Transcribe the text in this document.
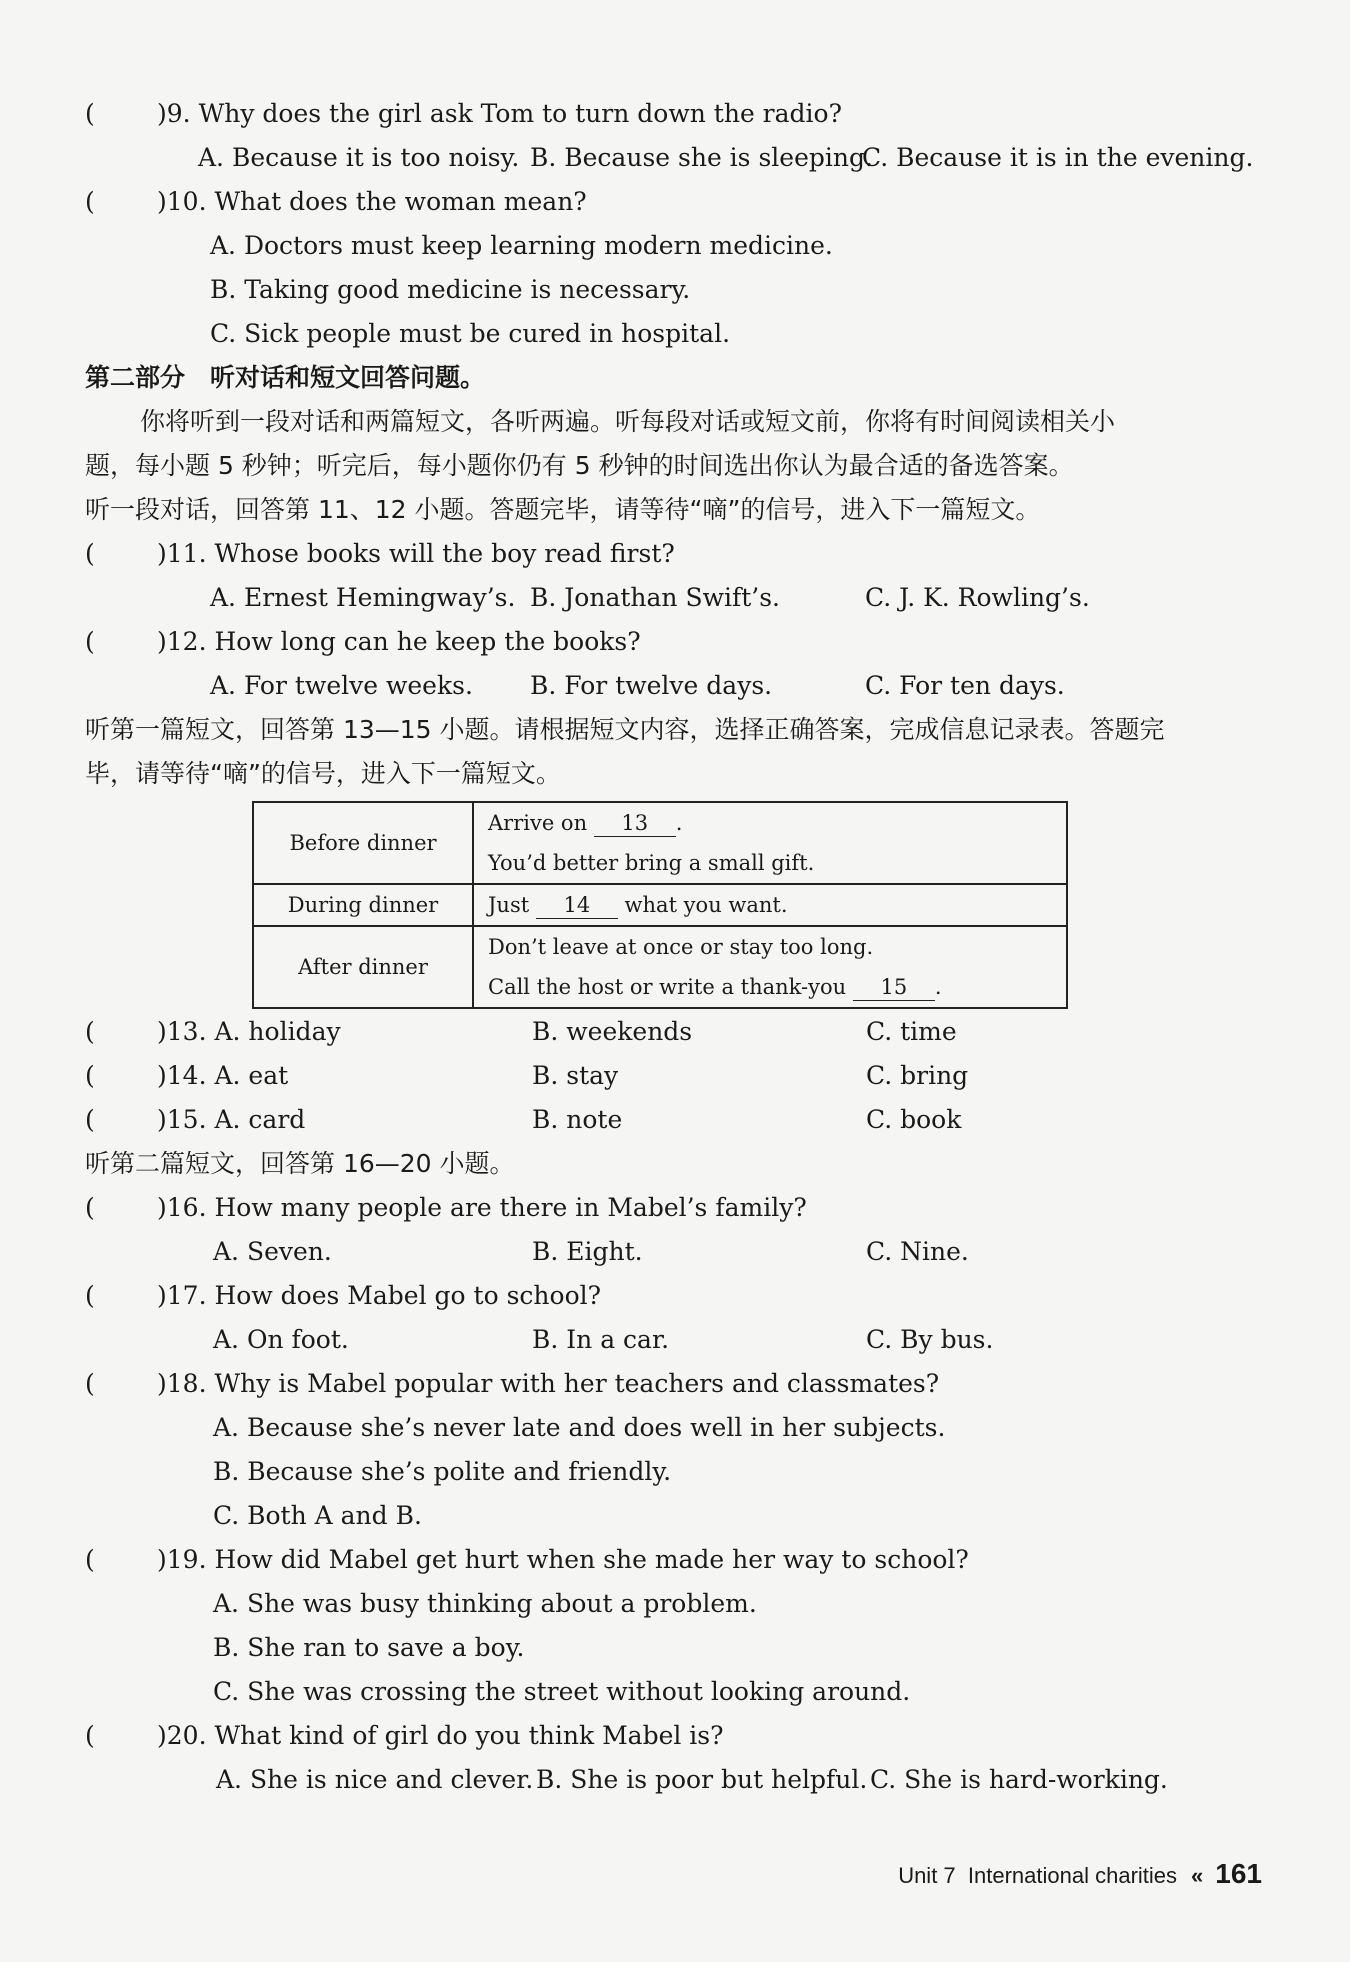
( )9. Why does the girl ask Tom to turn down the radio?
A. Because it is too noisy. B. Because she is sleeping.
C. Because it is in the evening.
( )10. What does the woman mean?
A. Doctors must keep learning modern medicine.
B. Taking good medicine is necessary.
C. Sick people must be cured in hospital.
第二部分　听对话和短文回答问题。
你将听到一段对话和两篇短文，各听两遍。听每段对话或短文前，你将有时间阅读相关小
题，每小题 5 秒钟；听完后，每小题你仍有 5 秒钟的时间选出你认为最合适的备选答案。
听一段对话，回答第 11、12 小题。答题完毕，请等待“嘀”的信号，进入下一篇短文。
( )11. Whose books will the boy read first?
A. Ernest Hemingway’s. B. Jonathan Swift’s.	C. J. K. Rowling’s.
( )12. How long can he keep the books?
A. For twelve weeks. B. For twelve days.	C. For ten days.
听第一篇短文，回答第 13—15 小题。请根据短文内容，选择正确答案，完成信息记录表。答题完
毕，请等待“嘀”的信号，进入下一篇短文。
Before dinner	Arrive on 13 .
You’d better bring a small gift.

During dinner	Just 14 what you want.

After dinner	Don’t leave at once or stay too long.
Call the host or write a thank-you 15 .
( )13. A. holiday	B. weekends	C. time
( )14. A. eat	B. stay	C. bring
( )15. A. card	B. note	C. book
听第二篇短文，回答第 16—20 小题。
( )16. How many people are there in Mabel’s family?
A. Seven.	B. Eight.	C. Nine.
( )17. How does Mabel go to school?
A. On foot.	B. In a car.	C. By bus.
( )18. Why is Mabel popular with her teachers and classmates?
A. Because she’s never late and does well in her subjects.
B. Because she’s polite and friendly.
C. Both A and B.
( )19. How did Mabel get hurt when she made her way to school?
A. She was busy thinking about a problem.
B. She ran to save a boy.
C. She was crossing the street without looking around.
( )20. What kind of girl do you think Mabel is?
A. She is nice and clever. B. She is poor but helpful. C. She is hard-working.
Unit 7 International charities « 161
